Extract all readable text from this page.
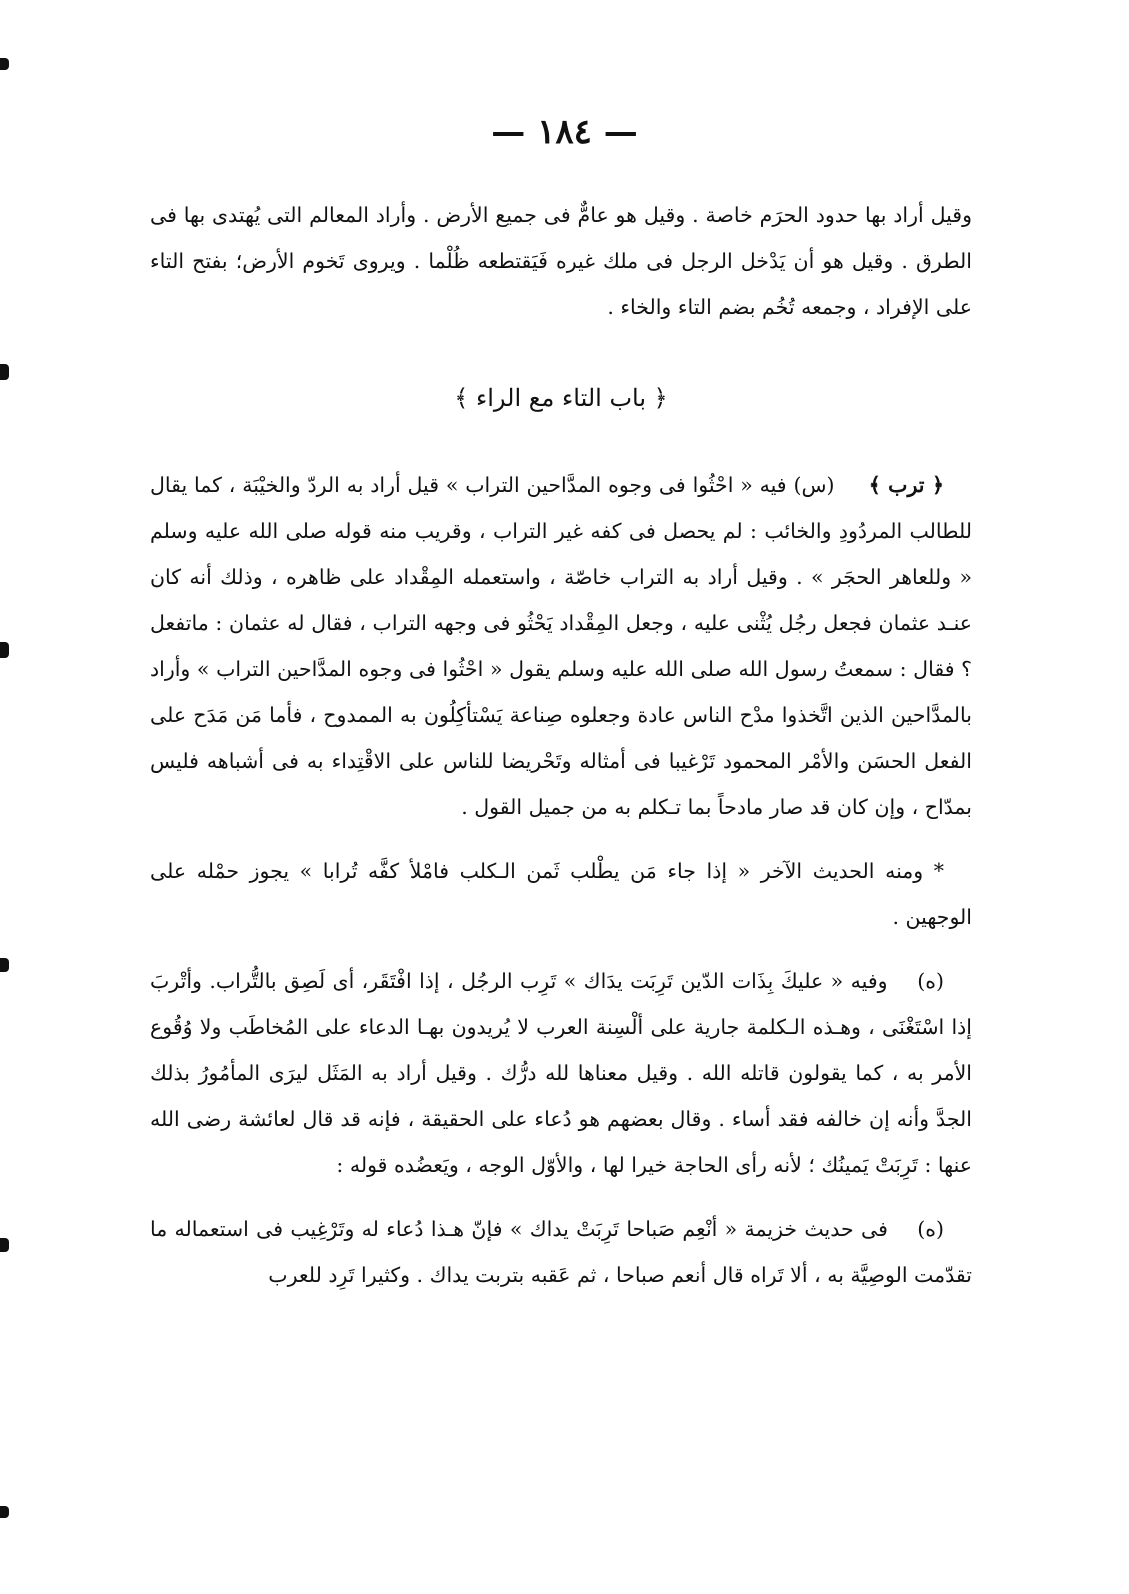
— ١٨٤ —

وقيل أراد بها حدود الحرَم خاصة . وقيل هو عامٌّ فى جميع الأرض . وأراد المعالم التى يُهتدى بها فى الطرق . وقيل هو أن يَدْخل الرجل فى ملك غيره فَيَقتطعه ظُلْما . ويروى تَخوم الأرض؛ بفتح التاء على الإفراد ، وجمعه تُخُم بضم التاء والخاء .

﴿ باب التاء مع الراء ﴾

﴿ ترب ﴾     (س) فيه « احْثُوا فى وجوه المدَّاحين التراب » قيل أراد به الردّ والخيْبَة ، كما يقال للطالب المردُودِ والخائب : لم يحصل فى كفه غير التراب ، وقريب منه قوله صلى الله عليه وسلم « وللعاهر الحجَر » . وقيل أراد به التراب خاصّة ، واستعمله المِقْداد على ظاهره ، وذلك أنه كان عنـد عثمان فجعل رجُل يُثْنى عليه ، وجعل المِقْداد يَحْثُو فى وجهه التراب ، فقال له عثمان : ماتفعل ؟ فقال : سمعتُ رسول الله صلى الله عليه وسلم يقول « احْثُوا فى وجوه المدَّاحين التراب » وأراد بالمدَّاحين الذين اتَّخذوا مدْح الناس عادة وجعلوه صِناعة يَسْتأكِلُون به الممدوح ، فأما مَن مَدَح على الفعل الحسَن والأمْر المحمود تَرْغيبا فى أمثاله وتَحْريضا للناس على الاقْتِداء به فى أشباهه فليس بمدّاح ، وإن كان قد صار مادحاً بما تـكلم به من جميل القول .

* ومنه الحديث الآخر « إذا جاء مَن يطْلب ثَمن الـكلب فامْلأ كفَّه تُرابا » يجوز حمْله على الوجهين .

(ه)    وفيه « عليكَ بِذَات الدّين تَرِبَت يدَاك » تَرِب الرجُل ، إذا افْتَقَر، أى لَصِق بالتُّراب. وأتْربَ إذا اسْتَغْنَى ، وهـذه الـكلمة جارية على ألْسِنة العرب لا يُريدون بهـا الدعاء على المُخاطَب ولا وُقُوع الأمر به ، كما يقولون قاتله الله . وقيل معناها لله درُّك . وقيل أراد به المَثَل ليرَى المأمُورُ بذلك الجدَّ وأنه إن خالفه فقد أساء . وقال بعضهم هو دُعاء على الحقيقة ، فإنه قد قال لعائشة رضى الله عنها : تَرِبَتْ يَمينُك ؛ لأنه رأى الحاجة خيرا لها ، والأوّل الوجه ، ويَعضُده قوله :

(ه)    فى حديث خزيمة « أنْعِم صَباحا تَرِبَتْ يداك » فإنّ هـذا دُعاء له وتَرْغِيب فى استعماله ما تقدّمت الوصِيَّة به ، ألا تَراه قال أنعم صباحا ، ثم عَقبه بتربت يداك . وكثيرا تَرِد للعرب
